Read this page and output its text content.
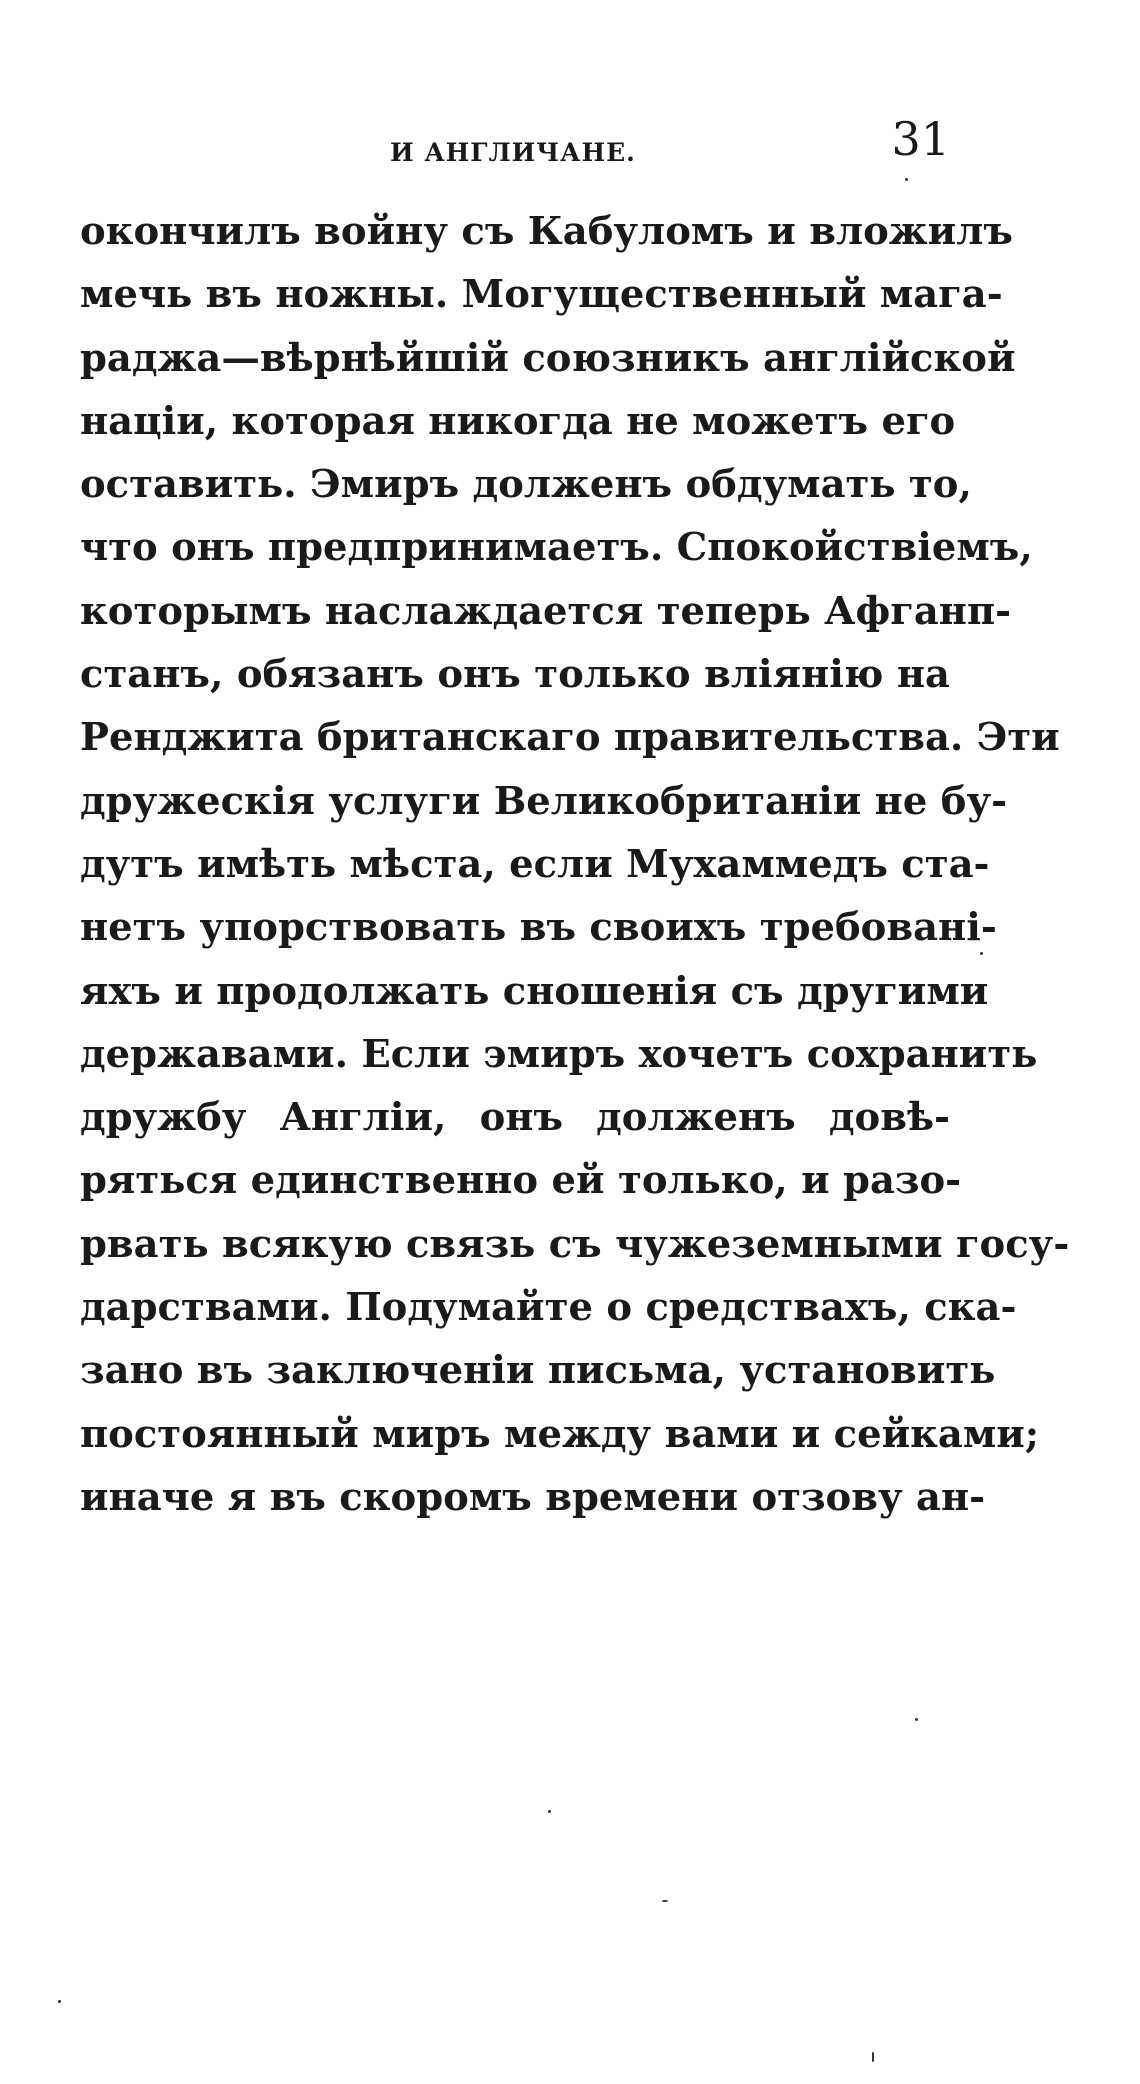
И АНГЛИЧАНЕ.	31
окончилъ войну съ Кабуломъ и вложилъ
мечь въ ножны. Могущественный мага-
раджа—вѣрнѣйшій союзникъ англійской
націи, которая никогда не можетъ его
оставить. Эмиръ долженъ обдумать то,
что онъ предпринимаетъ. Спокойствіемъ,
которымъ наслаждается теперь Афганп-
станъ, обязанъ онъ только вліянію на
Pенджита британскаго правительства. Эти
дружескія услуги Великобританіи не бу-
дутъ имѣть мѣста, если Мухаммедъ ста-
нетъ упорствовать въ своихъ требованi-
яхъ и продолжать сношенія съ другими
державами. Если эмиръ хочетъ сохранить
дружбу Англіи, онъ долженъ довѣ-
ряться единственно ей только, и разо-
рвать всякую связь съ чужеземными госу-
дарствами. Подумайте о средствахъ, ска-
зано въ заключеніи письма, установить
постоянный миръ между вами и сейками;
иначе я въ скоромъ времени отзову ан-
